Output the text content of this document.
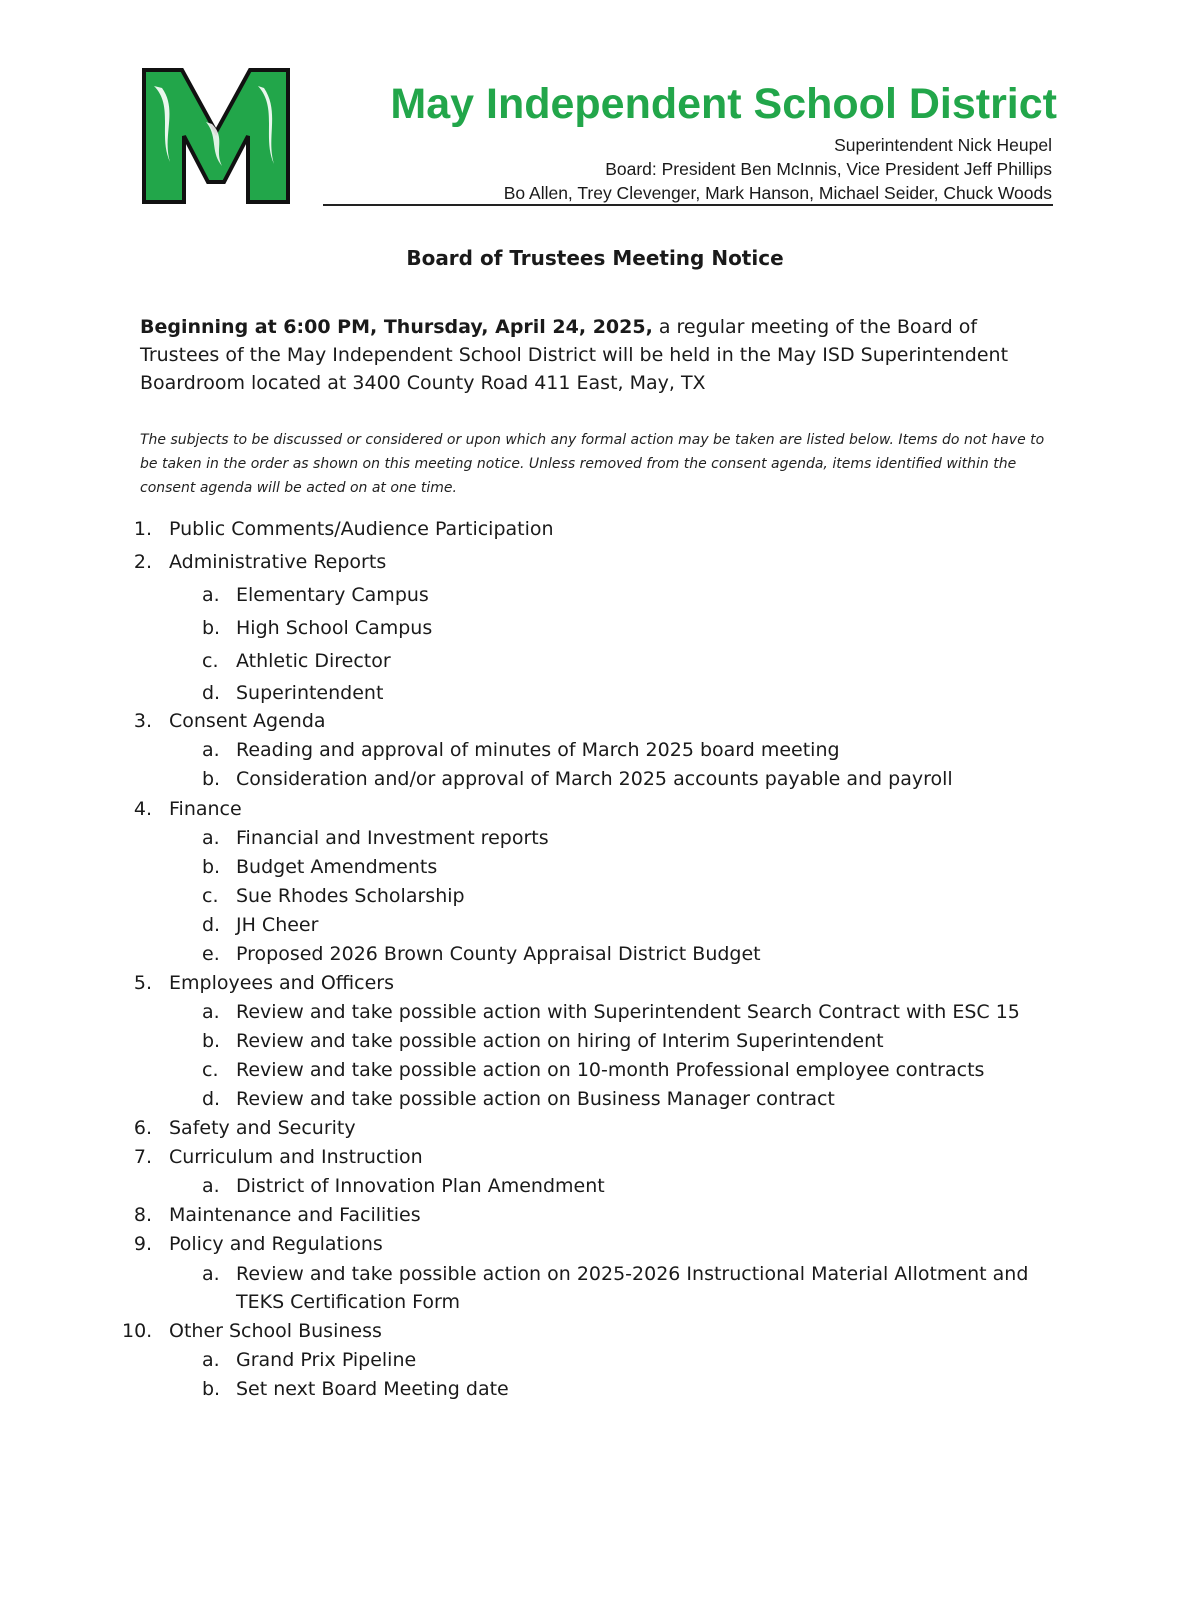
May Independent School District
Superintendent Nick Heupel
Board: President Ben McInnis, Vice President Jeff Phillips
Bo Allen, Trey Clevenger, Mark Hanson, Michael Seider, Chuck Woods
Board of Trustees Meeting Notice
Beginning at 6:00 PM, Thursday, April 24, 2025, a regular meeting of the Board of Trustees of the May Independent School District will be held in the May ISD Superintendent Boardroom located at 3400 County Road 411 East, May, TX
The subjects to be discussed or considered or upon which any formal action may be taken are listed below. Items do not have to be taken in the order as shown on this meeting notice. Unless removed from the consent agenda, items identified within the consent agenda will be acted on at one time.
1. Public Comments/Audience Participation
2. Administrative Reports
a. Elementary Campus
b. High School Campus
c. Athletic Director
d. Superintendent
3. Consent Agenda
a. Reading and approval of minutes of March 2025 board meeting
b. Consideration and/or approval of March 2025 accounts payable and payroll
4. Finance
a. Financial and Investment reports
b. Budget Amendments
c. Sue Rhodes Scholarship
d. JH Cheer
e. Proposed 2026 Brown County Appraisal District Budget
5. Employees and Officers
a. Review and take possible action with Superintendent Search Contract with ESC 15
b. Review and take possible action on hiring of Interim Superintendent
c. Review and take possible action on 10-month Professional employee contracts
d. Review and take possible action on Business Manager contract
6. Safety and Security
7. Curriculum and Instruction
a. District of Innovation Plan Amendment
8. Maintenance and Facilities
9. Policy and Regulations
a. Review and take possible action on 2025-2026 Instructional Material Allotment and
TEKS Certification Form
10. Other School Business
a. Grand Prix Pipeline
b. Set next Board Meeting date
